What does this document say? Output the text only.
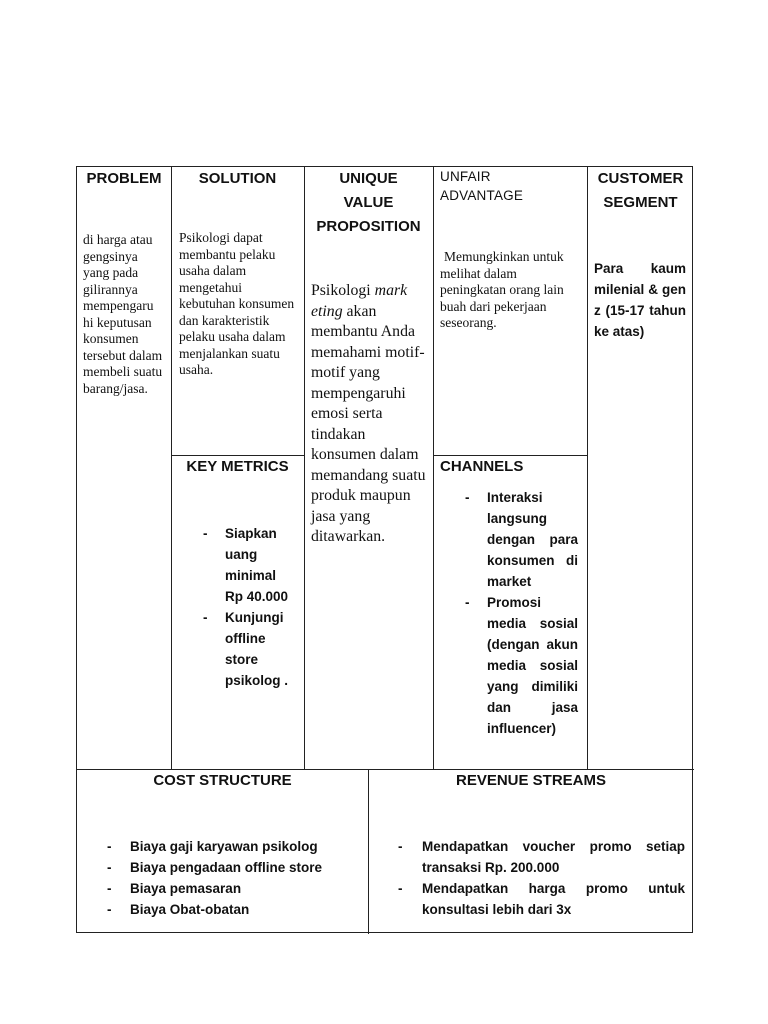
PROBLEM
di harga atau gengsinya yang pada gilirannya mempengaru hi keputusan konsumen tersebut dalam membeli suatu barang/jasa.
SOLUTION
Psikologi dapat membantu pelaku usaha dalam mengetahui kebutuhan konsumen dan karakteristik pelaku usaha dalam menjalankan suatu usaha.
KEY METRICS
- Siapkan uang minimal Rp 40.000
- Kunjungi offline store psikolog .
UNIQUE
VALUE
PROPOSITION
Psikologi mark eting akan membantu Anda memahami motif-motif yang mempengaruhi emosi serta tindakan konsumen dalam memandang suatu produk maupun jasa yang ditawarkan.
UNFAIR
ADVANTAGE
Memungkinkan untuk melihat dalam peningkatan orang lain buah dari pekerjaan seseorang.
CHANNELS
- Interaksi langsung dengan para konsumen di market
- Promosi media sosial (dengan akun media sosial yang dimiliki dan jasa influencer)
CUSTOMER
SEGMENT
Para kaum milenial & gen z (15-17 tahun ke atas)
COST STRUCTURE
- Biaya gaji karyawan psikolog
- Biaya pengadaan offline store
- Biaya pemasaran
- Biaya Obat-obatan
REVENUE STREAMS
- Mendapatkan voucher promo setiap transaksi Rp. 200.000
- Mendapatkan harga promo untuk konsultasi lebih dari 3x
